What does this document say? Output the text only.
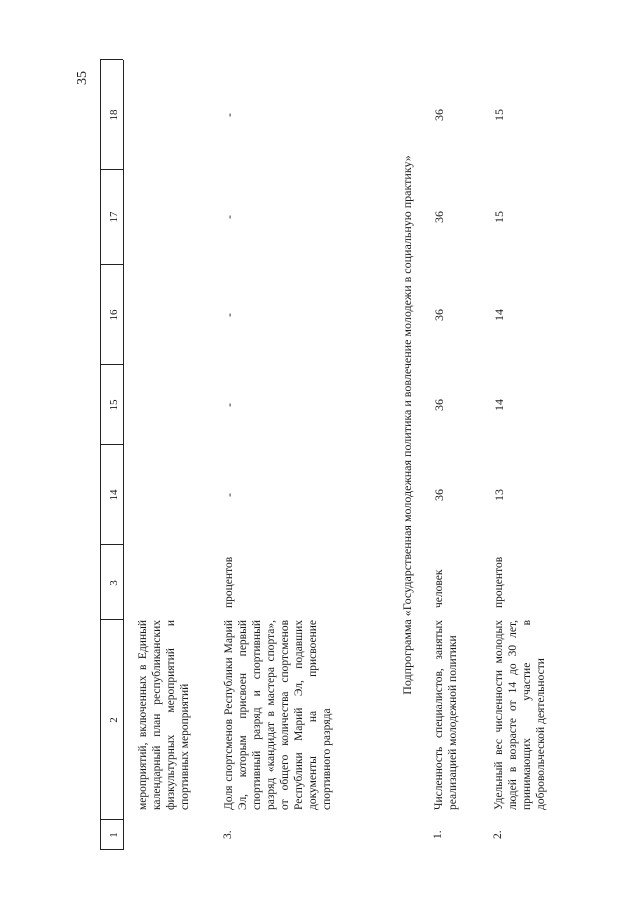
35
1
2
3
14
15
16
17
18
мероприятий, включенных в Единый календарный план республиканских физкультурных мероприятий и спортивных мероприятий
3.
Доля спортсменов Республики Марий Эл, которым присвоен первый спортивный разряд и спортивный разряд «кандидат в мастера спорта», от общего количества спортсменов Республики Марий Эл, подавших документы на присвоение спортивного разряда
процентов
-
-
-
-
-
Подпрограмма «Государственная молодежная политика и вовлечение молодежи в социальную практику»
1.
Численность специалистов, занятых реализацией молодежной политики
человек
36
36
36
36
36
2.
Удельный вес численности молодых людей в возрасте от 14 до 30 лет, принимающих участие в добровольческой деятельности
процентов
13
14
14
15
15
